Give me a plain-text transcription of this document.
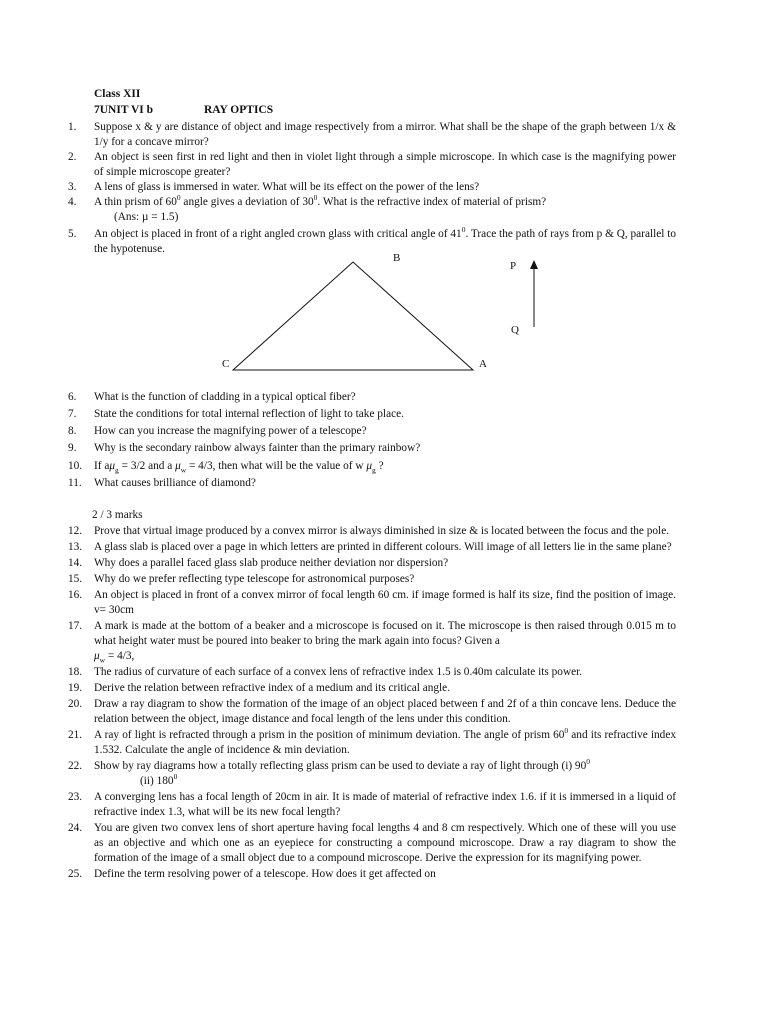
Class XII
7UNIT VI b	RAY OPTICS
1.	Suppose x & y are distance of object and image respectively from a mirror. What shall be the shape of the graph between 1/x & 1/y for a concave mirror?
2.	An object is seen first in red light and then in violet light through a simple microscope. In which case is the magnifying power of simple microscope greater?
3.	A lens of glass is immersed in water. What will be its effect on the power of the lens?
4.	A thin prism of $60^0$ angle gives a deviation of $30^0$. What is the refractive index of material of prism?
(Ans: µ = 1.5)
5.	An object is placed in front of a right angled crown glass with critical angle of $41^0$. Trace the path of rays from p & Q, parallel to the hypotenuse.
B
C	A
P
Q
6.	What is the function of cladding in a typical optical fiber?
7.	State the conditions for total internal reflection of light to take place.
8.	How can you increase the magnifying power of a telescope?
9.	Why is the secondary rainbow always fainter than the primary rainbow?
10.	If $a\mu_g = 3/2$ and a $\mu_w = 4/3$, then what will be the value of w $\mu_g$ ?
11.	What causes brilliance of diamond?
2 / 3 marks
12.	Prove that virtual image produced by a convex mirror is always diminished in size & is located between the focus and the pole.
13.	A glass slab is placed over a page in which letters are printed in different colours. Will image of all letters lie in the same plane?
14.	Why does a parallel faced glass slab produce neither deviation nor dispersion?
15.	Why do we prefer reflecting type telescope for astronomical purposes?
16.	An object is placed in front of a convex mirror of focal length 60 cm. if image formed is half its size, find the position of image. v= 30cm
17.	A mark is made at the bottom of a beaker and a microscope is focused on it. The microscope is then raised through 0.015 m to what height water must be poured into beaker to bring the mark again into focus? Given a
$\mu_w = 4/3$,
18.	The radius of curvature of each surface of a convex lens of refractive index 1.5 is 0.40m calculate its power.
19.	Derive the relation between refractive index of a medium and its critical angle.
20.	Draw a ray diagram to show the formation of the image of an object placed between f and 2f of a thin concave lens. Deduce the relation between the object, image distance and focal length of the lens under this condition.
21.	A ray of light is refracted through a prism in the position of minimum deviation. The angle of prism $60^0$ and its refractive index 1.532. Calculate the angle of incidence & min deviation.
22.	Show by ray diagrams how a totally reflecting glass prism can be used to deviate a ray of light through (i) $90^0$
(ii) $180^0$
23.	A converging lens has a focal length of 20cm in air. It is made of material of refractive index 1.6. if it is immersed in a liquid of refractive index 1.3, what will be its new focal length?
24.	You are given two convex lens of short aperture having focal lengths 4 and 8 cm respectively. Which one of these will you use as an objective and which one as an eyepiece for constructing a compound microscope. Draw a ray diagram to show the formation of the image of a small object due to a compound microscope. Derive the expression for its magnifying power.
25.	Define the term resolving power of a telescope. How does it get affected on
